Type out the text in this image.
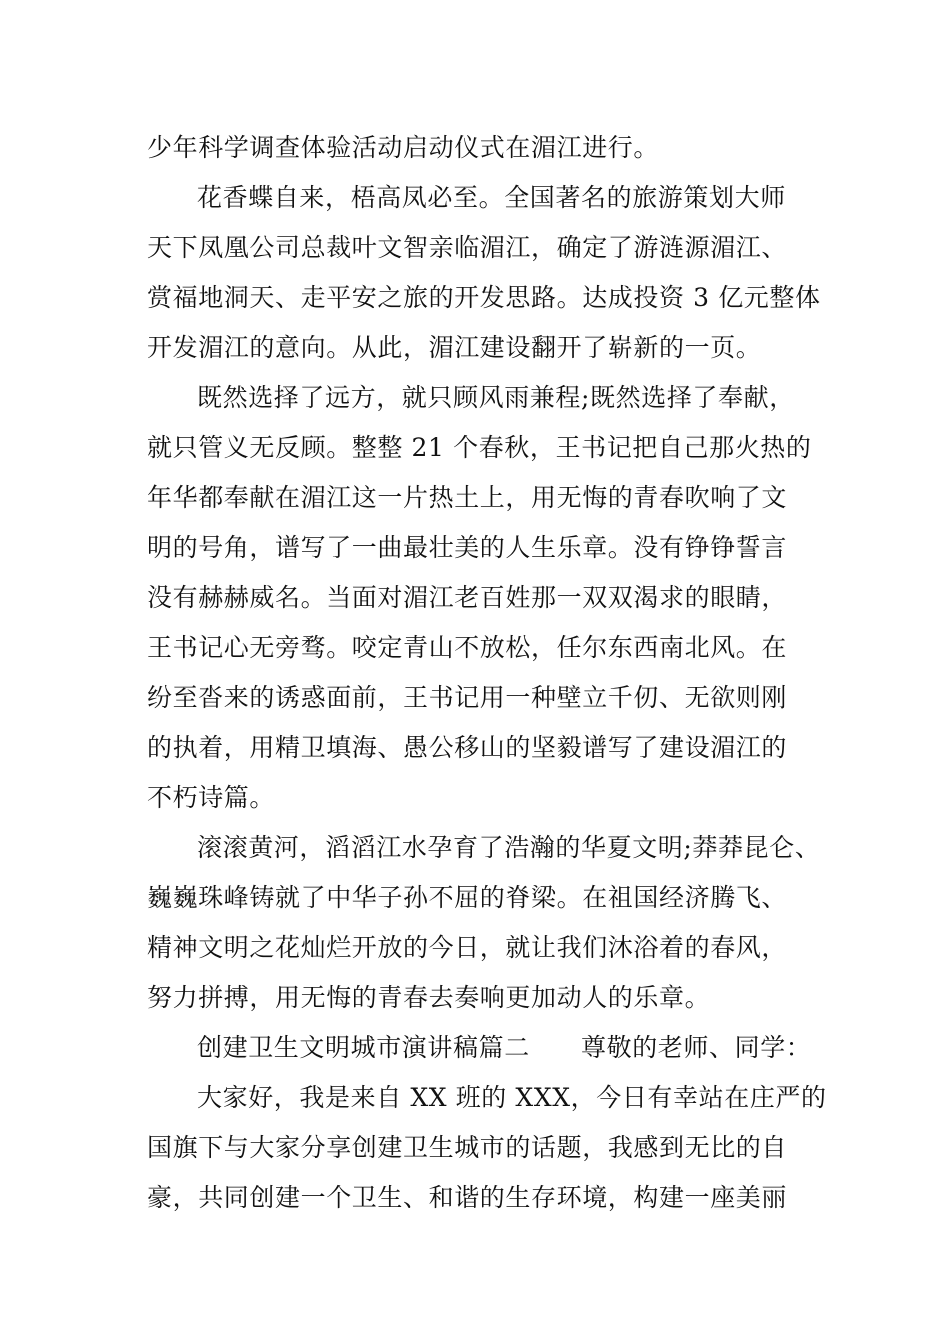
少年科学调查体验活动启动仪式在湄江进行。
花香蝶自来，梧高凤必至。全国著名的旅游策划大师
天下凤凰公司总裁叶文智亲临湄江，确定了游涟源湄江、
赏福地洞天、走平安之旅的开发思路。达成投资 3 亿元整体
开发湄江的意向。从此，湄江建设翻开了崭新的一页。
既然选择了远方，就只顾风雨兼程;既然选择了奉献，
就只管义无反顾。整整 21 个春秋，王书记把自己那火热的
年华都奉献在湄江这一片热土上，用无悔的青春吹响了文
明的号角，谱写了一曲最壮美的人生乐章。没有铮铮誓言
没有赫赫威名。当面对湄江老百姓那一双双渴求的眼睛，
王书记心无旁骛。咬定青山不放松，任尔东西南北风。在
纷至沓来的诱惑面前，王书记用一种壁立千仞、无欲则刚
的执着，用精卫填海、愚公移山的坚毅谱写了建设湄江的
不朽诗篇。
滚滚黄河，滔滔江水孕育了浩瀚的华夏文明;莽莽昆仑、
巍巍珠峰铸就了中华子孙不屈的脊梁。在祖国经济腾飞、
精神文明之花灿烂开放的今日，就让我们沐浴着的春风，
努力拼搏，用无悔的青春去奏响更加动人的乐章。
创建卫生文明城市演讲稿篇二　　尊敬的老师、同学：
大家好，我是来自 XX 班的 XXX，今日有幸站在庄严的
国旗下与大家分享创建卫生城市的话题，我感到无比的自
豪，共同创建一个卫生、和谐的生存环境，构建一座美丽
